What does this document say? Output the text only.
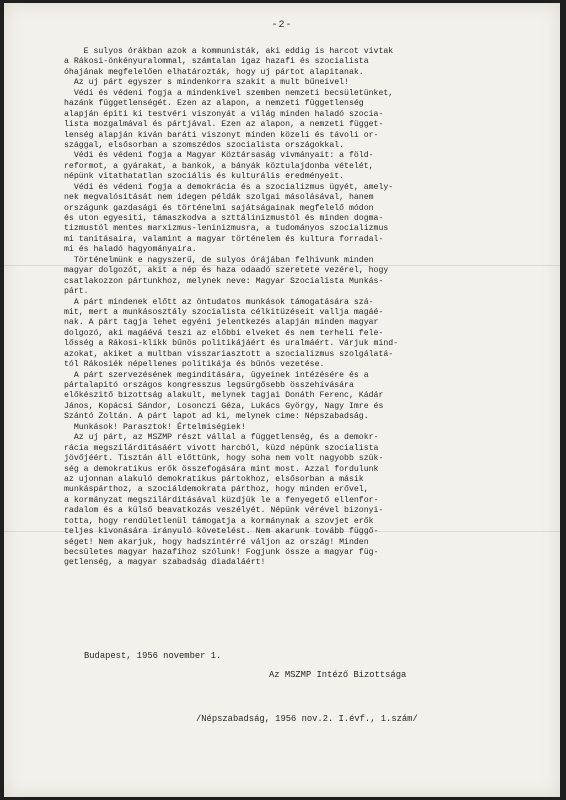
-2-
E sulyos órákban azok a kommunisták, aki eddig is harcot vivtak
a Rákosi-önkényuralommal, számtalan igaz hazafi és szocialista
óhajának megfelelően elhatározták, hogy uj pártot alapitanak.
Az uj párt egyszer s mindenkorra szakit a mult bűneivel!
Védi és védeni fogja a mindenkivel szemben nemzeti becsületünket,
hazánk függetlenségét. Ezen az alapon, a nemzeti függetlenség
alapján épiti ki testvéri viszonyát a világ minden haladó szocia-
lista mozgalmával és pártjával. Ezen az alapon, a nemzeti függet-
lenség alapján kiván baráti viszonyt minden közeli és távoli or-
szággal, elsősorban a szomszédos szocialista országokkal.
Védi és védeni fogja a Magyar Köztársaság vivmányait: a föld-
reformot, a gyárakat, a bankok, a bányák köztulajdonba vételét,
népünk vitathatatlan szociális és kulturális eredményeit.
Védi és védeni fogja a demokrácia és a szocializmus ügyét, amely-
nek megvalósitását nem idegen példák szolgai másolásával, hanem
országunk gazdasági és történelmi sajátságainak megfelelő módon
és uton egyesiti, támaszkodva a szttálinizmustól és minden dogma-
tizmustól mentes marxizmus-leninizmusra, a tudományos szocializmus
mi tanitásaira, valamint a magyar történelem és kultura forradal-
mi és haladó hagyományaira.
Történelmünk e nagyszerű, de sulyos órájában felhivunk minden
magyar dolgozót, akit a nép és haza odaadó szeretete vezérel, hogy
csatlakozzon pártunkhoz, melynek neve: Magyar Szocialista Munkás-
párt.
A párt mindenek előtt az öntudatos munkások támogatására szá-
mit, mert a munkásosztály szocialista célkitüzéseit vallja magáé-
nak. A párt tagja lehet egyéni jelentkezés alapján minden magyar
dolgozó, aki magáévá teszi az előbbi elveket és nem terheli fele-
lősség a Rákosi-klikk bűnös politikájáért és uralmáért. Várjuk mind-
azokat, akiket a multban visszariasztott a szocializmus szolgálatá-
tól Rákosiék népellenes politikája és bűnös vezetése.
A párt szervezésének megindítására, ügyeinek intézésére és a
pártalapitó országos kongresszus legsürgősebb összehívására
előkészitő bizottság alakult, melynek tagjai Donáth Ferenc, Kádár
János, Kopácsi Sándor, Losonczi Géza, Lukács György, Nagy Imre és
Szántó Zoltán. A párt lapot ad ki, melynek cime: Népszabadság.
Munkások! Parasztok! Értelmiségiek!
Az uj párt, az MSZMP részt vállal a függetlenség, és a demokr-
rácia megszilárditásáért vivott harcból, küzd népünk szocialista
jövőjéért. Tisztán áll előttünk, hogy soha nem volt nagyobb szük-
ség a demokratikus erők összefogására mint most. Azzal fordulunk
az ujonnan alakuló demokratikus pártokhoz, elsősorban a másik
munkáspárthoz, a szociáldemokrata párthoz, hogy minden erővel,
a kormányzat megszilárditásával küzdjük le a fenyegető ellenfor-
radalom és a külső beavatkozás veszélyét. Népünk vérével bizonyi-
totta, hogy rendületlenül támogatja a kormánynak a szovjet erők
teljes kivonására irányuló követelést. Nem akarunk tovább függő-
séget! Nem akarjuk, hogy hadszintérré váljon az ország! Minden
becsületes magyar hazafihoz szólunk! Fogjunk össze a magyar füg-
getlenség, a magyar szabadság diadaláért!
Budapest, 1956 november 1.
Az MSZMP Intéző Bizottsága
/Népszabadság, 1956 nov.2. I.évf., 1.szám/
